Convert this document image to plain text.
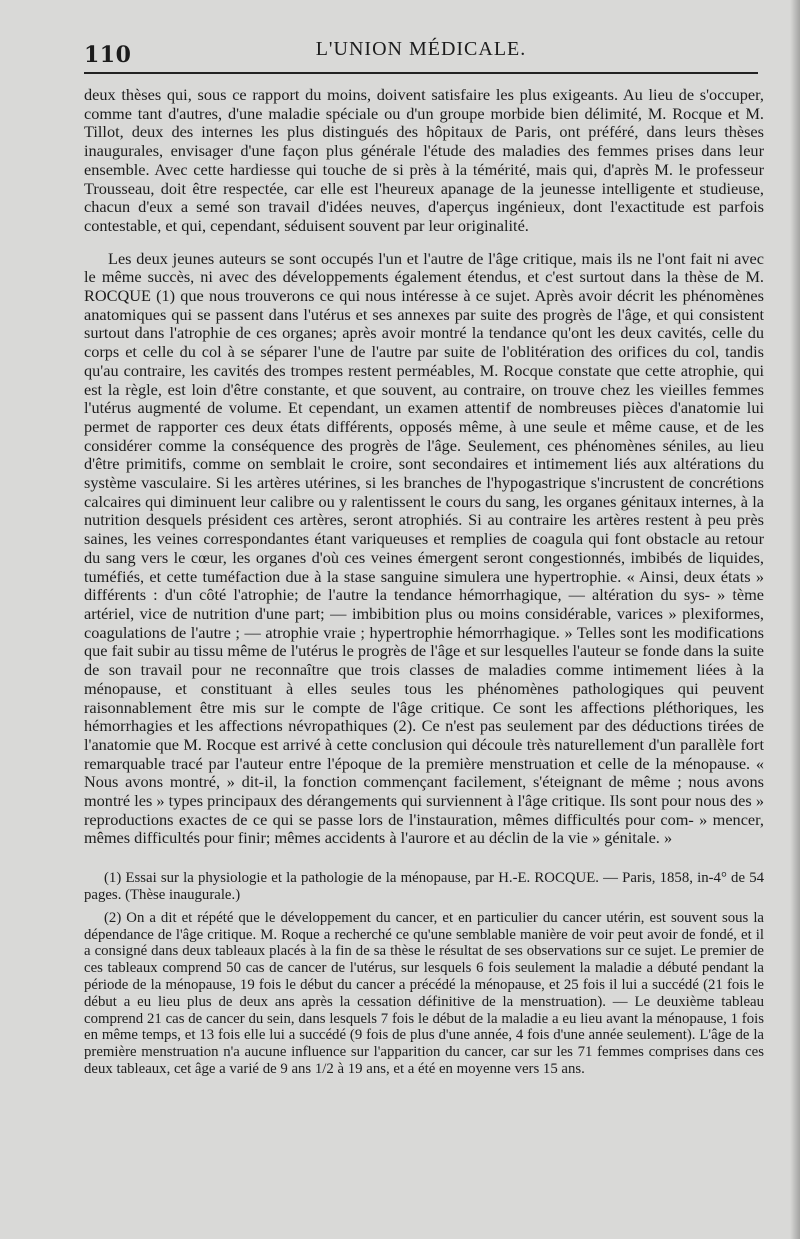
110	L'UNION MÉDICALE.

deux thèses qui, sous ce rapport du moins, doivent satisfaire les plus exigeants. Au lieu de s'occuper, comme tant d'autres, d'une maladie spéciale ou d'un groupe morbide bien délimité, M. Rocque et M. Tillot, deux des internes les plus distingués des hôpitaux de Paris, ont préféré, dans leurs thèses inaugurales, envisager d'une façon plus générale l'étude des maladies des femmes prises dans leur ensemble. Avec cette hardiesse qui touche de si près à la témérité, mais qui, d'après M. le professeur Trousseau, doit être respectée, car elle est l'heureux apanage de la jeunesse intelligente et studieuse, chacun d'eux a semé son travail d'idées neuves, d'aperçus ingénieux, dont l'exactitude est parfois contestable, et qui, cependant, séduisent souvent par leur originalité.

Les deux jeunes auteurs se sont occupés l'un et l'autre de l'âge critique, mais ils ne l'ont fait ni avec le même succès, ni avec des développements également étendus, et c'est surtout dans la thèse de M. ROCQUE (1) que nous trouverons ce qui nous intéresse à ce sujet. Après avoir décrit les phénomènes anatomiques qui se passent dans l'utérus et ses annexes par suite des progrès de l'âge, et qui consistent surtout dans l'atrophie de ces organes; après avoir montré la tendance qu'ont les deux cavités, celle du corps et celle du col à se séparer l'une de l'autre par suite de l'oblitération des orifices du col, tandis qu'au contraire, les cavités des trompes restent perméables, M. Rocque constate que cette atrophie, qui est la règle, est loin d'être constante, et que souvent, au contraire, on trouve chez les vieilles femmes l'utérus augmenté de volume. Et cependant, un examen attentif de nombreuses pièces d'anatomie lui permet de rapporter ces deux états différents, opposés même, à une seule et même cause, et de les considérer comme la conséquence des progrès de l'âge. Seulement, ces phénomènes séniles, au lieu d'être primitifs, comme on semblait le croire, sont secondaires et intimement liés aux altérations du système vasculaire. Si les artères utérines, si les branches de l'hypogastrique s'incrustent de concrétions calcaires qui diminuent leur calibre ou y ralentissent le cours du sang, les organes génitaux internes, à la nutrition desquels président ces artères, seront atrophiés. Si au contraire les artères restent à peu près saines, les veines correspondantes étant variqueuses et remplies de coagula qui font obstacle au retour du sang vers le cœur, les organes d'où ces veines émergent seront congestionnés, imbibés de liquides, tuméfiés, et cette tuméfaction due à la stase sanguine simulera une hypertrophie. « Ainsi, deux états » différents : d'un côté l'atrophie; de l'autre la tendance hémorrhagique, — altération du sys- » tème artériel, vice de nutrition d'une part; — imbibition plus ou moins considérable, varices » plexiformes, coagulations de l'autre ; — atrophie vraie ; hypertrophie hémorrhagique. » Telles sont les modifications que fait subir au tissu même de l'utérus le progrès de l'âge et sur lesquelles l'auteur se fonde dans la suite de son travail pour ne reconnaître que trois classes de maladies comme intimement liées à la ménopause, et constituant à elles seules tous les phénomènes pathologiques qui peuvent raisonnablement être mis sur le compte de l'âge critique. Ce sont les affections pléthoriques, les hémorrhagies et les affections névropathiques (2). Ce n'est pas seulement par des déductions tirées de l'anatomie que M. Rocque est arrivé à cette conclusion qui découle très naturellement d'un parallèle fort remarquable tracé par l'auteur entre l'époque de la première menstruation et celle de la ménopause. « Nous avons montré, » dit-il, la fonction commençant facilement, s'éteignant de même ; nous avons montré les » types principaux des dérangements qui surviennent à l'âge critique. Ils sont pour nous des » reproductions exactes de ce qui se passe lors de l'instauration, mêmes difficultés pour com- » mencer, mêmes difficultés pour finir; mêmes accidents à l'aurore et au déclin de la vie » génitale. »

(1) Essai sur la physiologie et la pathologie de la ménopause, par H.-E. ROCQUE. — Paris, 1858, in-4° de 54 pages. (Thèse inaugurale.)

(2) On a dit et répété que le développement du cancer, et en particulier du cancer utérin, est souvent sous la dépendance de l'âge critique. M. Roque a recherché ce qu'une semblable manière de voir peut avoir de fondé, et il a consigné dans deux tableaux placés à la fin de sa thèse le résultat de ses observations sur ce sujet. Le premier de ces tableaux comprend 50 cas de cancer de l'utérus, sur lesquels 6 fois seulement la maladie a débuté pendant la période de la ménopause, 19 fois le début du cancer a précédé la ménopause, et 25 fois il lui a succédé (21 fois le début a eu lieu plus de deux ans après la cessation définitive de la menstruation). — Le deuxième tableau comprend 21 cas de cancer du sein, dans lesquels 7 fois le début de la maladie a eu lieu avant la ménopause, 1 fois en même temps, et 13 fois elle lui a succédé (9 fois de plus d'une année, 4 fois d'une année seulement). L'âge de la première menstruation n'a aucune influence sur l'apparition du cancer, car sur les 71 femmes comprises dans ces deux tableaux, cet âge a varié de 9 ans 1/2 à 19 ans, et a été en moyenne vers 15 ans.
